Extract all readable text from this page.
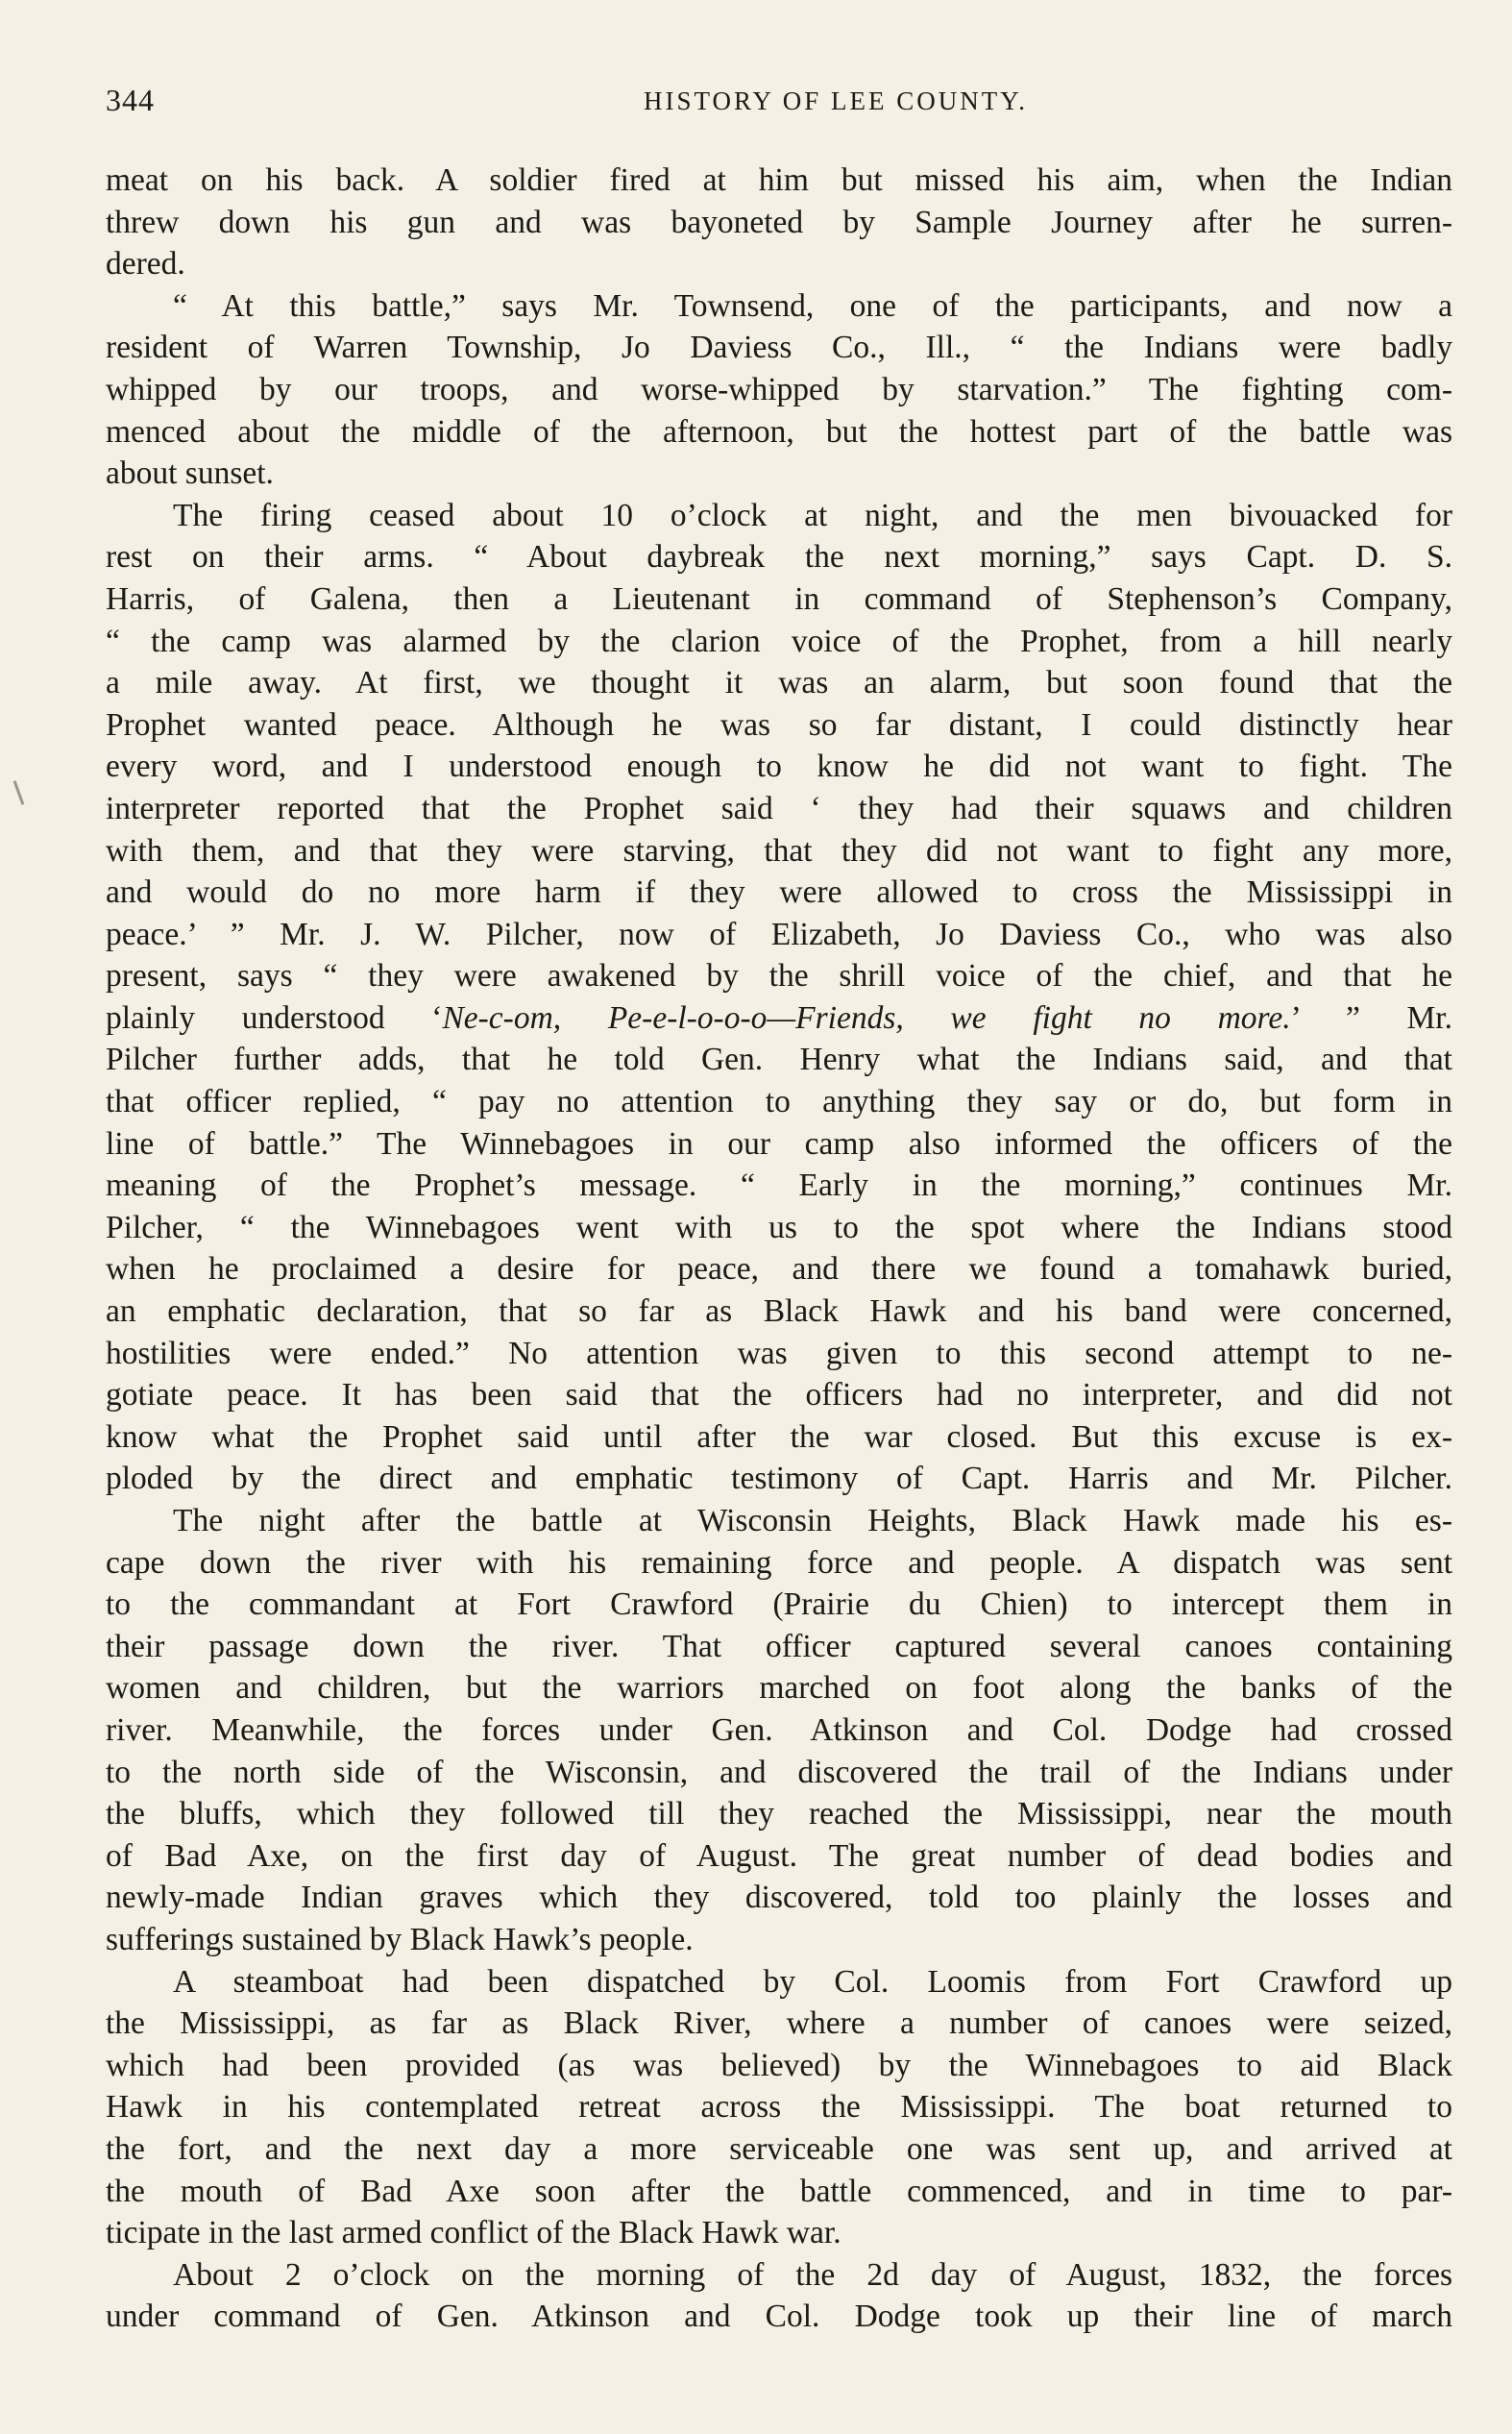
344	HISTORY OF LEE COUNTY.
meat on his back. A soldier fired at him but missed his aim, when the Indian
threw down his gun and was bayoneted by Sample Journey after he surren-
dered.
“ At this battle,” says Mr. Townsend, one of the participants, and now a
resident of Warren Township, Jo Daviess Co., Ill., “ the Indians were badly
whipped by our troops, and worse-whipped by starvation.” The fighting com-
menced about the middle of the afternoon, but the hottest part of the battle was
about sunset.
The firing ceased about 10 o’clock at night, and the men bivouacked for
rest on their arms. “ About daybreak the next morning,” says Capt. D. S.
Harris, of Galena, then a Lieutenant in command of Stephenson’s Company,
“ the camp was alarmed by the clarion voice of the Prophet, from a hill nearly
a mile away. At first, we thought it was an alarm, but soon found that the
Prophet wanted peace. Although he was so far distant, I could distinctly hear
every word, and I understood enough to know he did not want to fight. The
interpreter reported that the Prophet said ‘ they had their squaws and children
with them, and that they were starving, that they did not want to fight any more,
and would do no more harm if they were allowed to cross the Mississippi in
peace.’ ” Mr. J. W. Pilcher, now of Elizabeth, Jo Daviess Co., who was also
present, says “ they were awakened by the shrill voice of the chief, and that he
plainly understood ‘Ne-c-om, Pe-e-l-o-o-o—Friends, we fight no more.’ ” Mr.
Pilcher further adds, that he told Gen. Henry what the Indians said, and that
that officer replied, “ pay no attention to anything they say or do, but form in
line of battle.” The Winnebagoes in our camp also informed the officers of the
meaning of the Prophet’s message. “ Early in the morning,” continues Mr.
Pilcher, “ the Winnebagoes went with us to the spot where the Indians stood
when he proclaimed a desire for peace, and there we found a tomahawk buried,
an emphatic declaration, that so far as Black Hawk and his band were concerned,
hostilities were ended.” No attention was given to this second attempt to ne-
gotiate peace. It has been said that the officers had no interpreter, and did not
know what the Prophet said until after the war closed. But this excuse is ex-
ploded by the direct and emphatic testimony of Capt. Harris and Mr. Pilcher.
The night after the battle at Wisconsin Heights, Black Hawk made his es-
cape down the river with his remaining force and people. A dispatch was sent
to the commandant at Fort Crawford (Prairie du Chien) to intercept them in
their passage down the river. That officer captured several canoes containing
women and children, but the warriors marched on foot along the banks of the
river. Meanwhile, the forces under Gen. Atkinson and Col. Dodge had crossed
to the north side of the Wisconsin, and discovered the trail of the Indians under
the bluffs, which they followed till they reached the Mississippi, near the mouth
of Bad Axe, on the first day of August. The great number of dead bodies and
newly-made Indian graves which they discovered, told too plainly the losses and
sufferings sustained by Black Hawk’s people.
A steamboat had been dispatched by Col. Loomis from Fort Crawford up
the Mississippi, as far as Black River, where a number of canoes were seized,
which had been provided (as was believed) by the Winnebagoes to aid Black
Hawk in his contemplated retreat across the Mississippi. The boat returned to
the fort, and the next day a more serviceable one was sent up, and arrived at
the mouth of Bad Axe soon after the battle commenced, and in time to par-
ticipate in the last armed conflict of the Black Hawk war.
About 2 o’clock on the morning of the 2d day of August, 1832, the forces
under command of Gen. Atkinson and Col. Dodge took up their line of march
